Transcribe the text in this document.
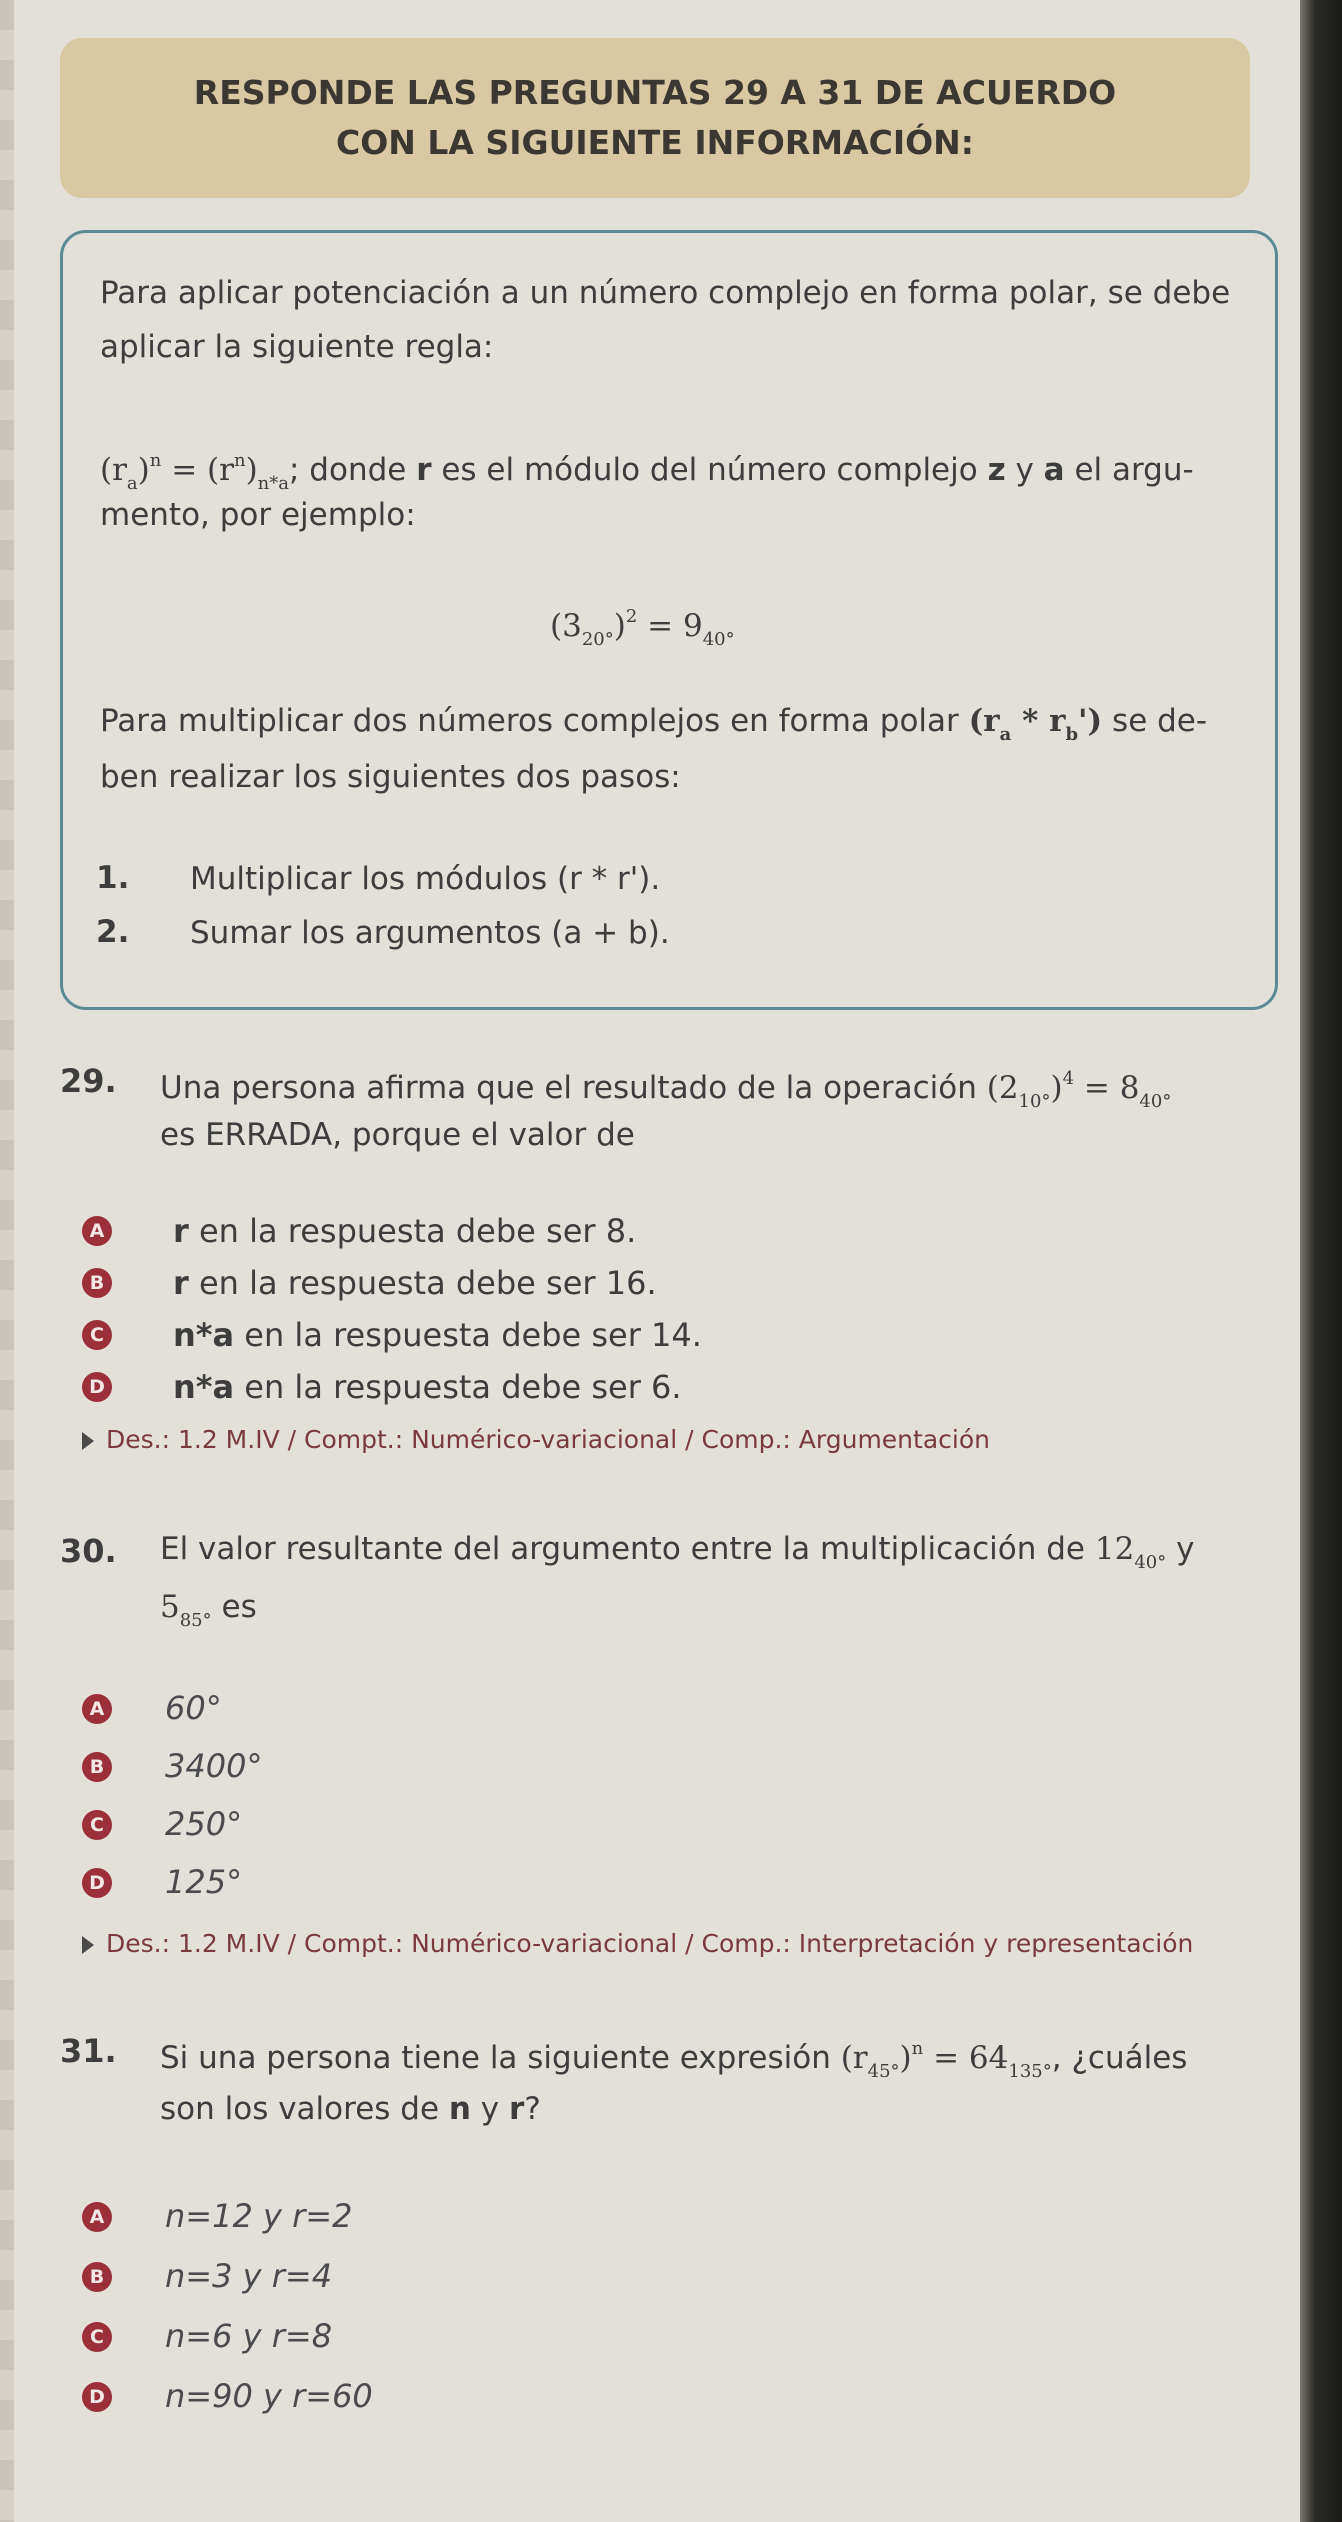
RESPONDE LAS PREGUNTAS 29 A 31 DE ACUERDO
CON LA SIGUIENTE INFORMACIÓN:
Para aplicar potenciación a un número complejo en forma polar, se debe
aplicar la siguiente regla:
$(r_a)^n = (r^n)_{n*a}$; donde r es el módulo del número complejo z y a el argu-
mento, por ejemplo:
$(3_{20^\circ})^2 = 9_{40^\circ}$
Para multiplicar dos números complejos en forma polar $(r_a * r_b')$ se de-
ben realizar los siguientes dos pasos:
1. Multiplicar los módulos (r * r').
2. Sumar los argumentos (a + b).
29. Una persona afirma que el resultado de la operación $(2_{10^\circ})^4 = 8_{40^\circ}$
es ERRADA, porque el valor de
A r en la respuesta debe ser 8.
B r en la respuesta debe ser 16.
C n*a en la respuesta debe ser 14.
D n*a en la respuesta debe ser 6.
Des.: 1.2 M.IV / Compt.: Numérico-variacional / Comp.: Argumentación
30. El valor resultante del argumento entre la multiplicación de $12_{40^\circ}$ y
$5_{85^\circ}$ es
A 60°
B 3400°
C 250°
D 125°
Des.: 1.2 M.IV / Compt.: Numérico-variacional / Comp.: Interpretación y representación
31. Si una persona tiene la siguiente expresión $(r_{45^\circ})^n = 64_{135^\circ}$, ¿cuáles
son los valores de n y r?
A n=12 y r=2
B n=3 y r=4
C n=6 y r=8
D n=90 y r=60
